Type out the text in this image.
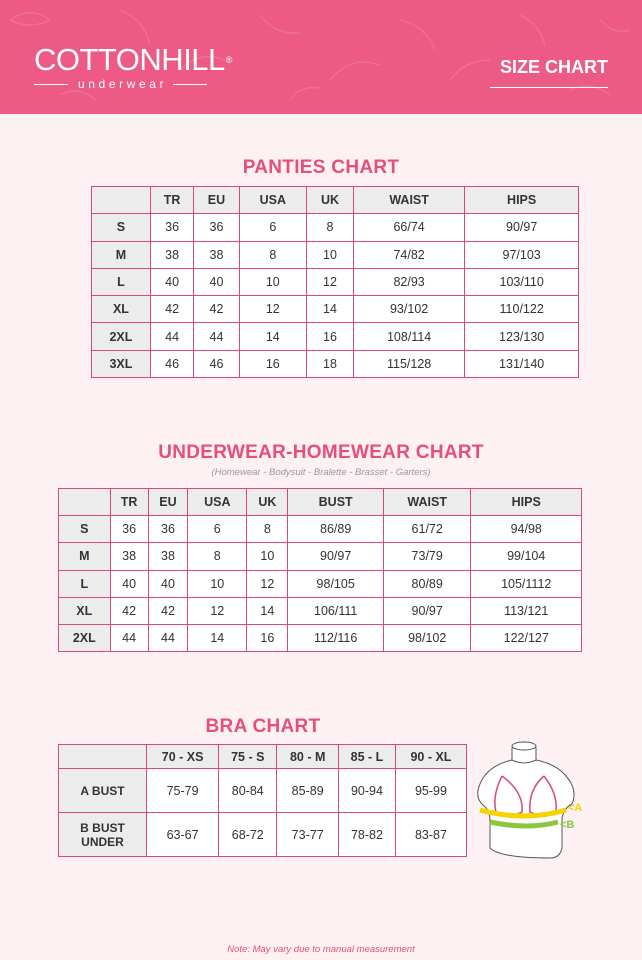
COTTONHILL®
underwear
SIZE CHART
PANTIES CHART
	TR	EU	USA	UK	WAIST	HIPS
S	36	36	6	8	66/74	90/97
M	38	38	8	10	74/82	97/103
L	40	40	10	12	82/93	103/110
XL	42	42	12	14	93/102	110/122
2XL	44	44	14	16	108/114	123/130
3XL	46	46	16	18	115/128	131/140
UNDERWEAR-HOMEWEAR CHART
(Homewear - Bodysuit - Bralette - Brasset - Garters)
	TR	EU	USA	UK	BUST	WAIST	HIPS
S	36	36	6	8	86/89	61/72	94/98
M	38	38	8	10	90/97	73/79	99/104
L	40	40	10	12	98/105	80/89	105/1112
XL	42	42	12	14	106/111	90/97	113/121
2XL	44	44	14	16	112/116	98/102	122/127
BRA CHART
	70 - XS	75 - S	80 - M	85 - L	90 - XL
A BUST	75-79	80-84	85-89	90-94	95-99
B BUST
UNDER	63-67	68-72	73-77	78-82	83-87
<A
<B
Note: May vary due to manual measurement
